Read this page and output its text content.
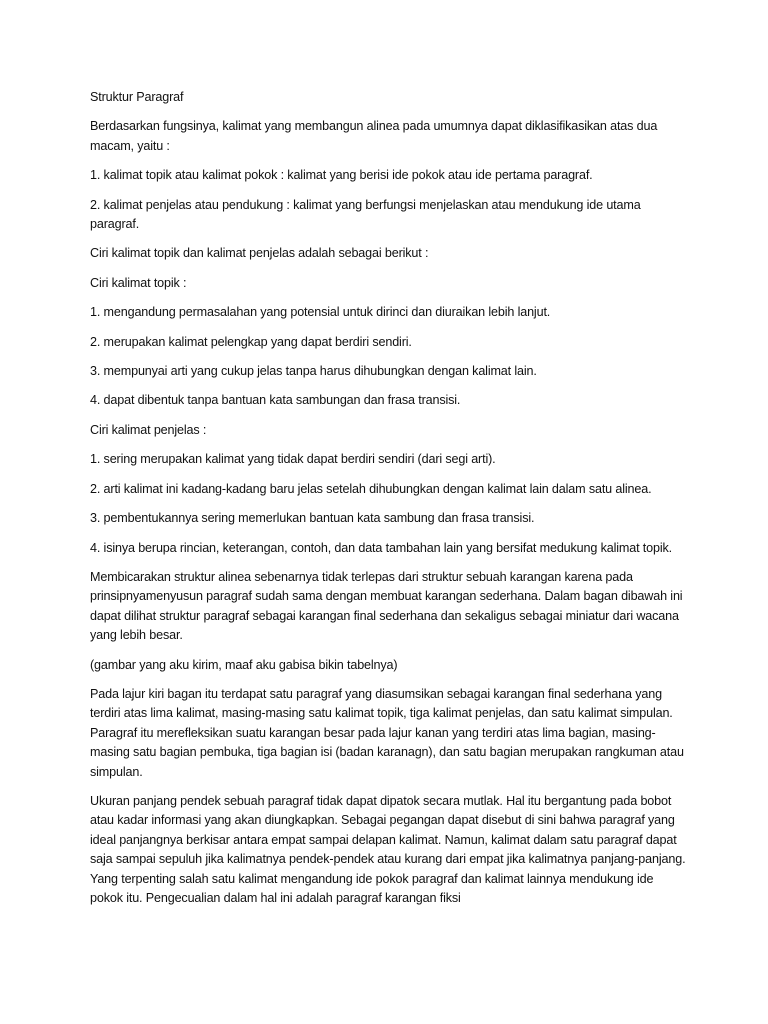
Struktur Paragraf

Berdasarkan fungsinya, kalimat yang membangun alinea pada umumnya dapat diklasifikasikan atas dua macam, yaitu :

1. kalimat topik atau kalimat pokok : kalimat yang berisi ide pokok atau ide pertama paragraf.

2. kalimat penjelas atau pendukung : kalimat yang berfungsi menjelaskan atau mendukung ide utama paragraf.

Ciri kalimat topik dan kalimat penjelas adalah sebagai berikut :

Ciri kalimat topik :

1. mengandung permasalahan yang potensial untuk dirinci dan diuraikan lebih lanjut.

2. merupakan kalimat pelengkap yang dapat berdiri sendiri.

3. mempunyai arti yang cukup jelas tanpa harus dihubungkan dengan kalimat lain.

4. dapat dibentuk tanpa bantuan kata sambungan dan frasa transisi.

Ciri kalimat penjelas :

1. sering merupakan kalimat yang tidak dapat berdiri sendiri (dari segi arti).

2. arti kalimat ini kadang-kadang baru jelas setelah dihubungkan dengan kalimat lain dalam satu alinea.

3. pembentukannya sering memerlukan bantuan kata sambung dan frasa transisi.

4. isinya berupa rincian, keterangan, contoh, dan data tambahan lain yang bersifat medukung kalimat topik.

Membicarakan struktur alinea sebenarnya tidak terlepas dari struktur sebuah karangan karena pada prinsipnyamenyusun paragraf sudah sama dengan membuat karangan sederhana. Dalam bagan dibawah ini dapat dilihat struktur paragraf sebagai karangan final sederhana dan sekaligus sebagai miniatur dari wacana yang lebih besar.

(gambar yang aku kirim, maaf aku gabisa bikin tabelnya)

Pada lajur kiri bagan itu terdapat satu paragraf yang diasumsikan sebagai karangan final sederhana yang terdiri atas lima kalimat, masing-masing satu kalimat topik, tiga kalimat penjelas, dan satu kalimat simpulan. Paragraf itu merefleksikan suatu karangan besar pada lajur kanan yang terdiri atas lima bagian, masing-masing satu bagian pembuka, tiga bagian isi (badan karanagn), dan satu bagian merupakan rangkuman atau simpulan.

Ukuran panjang pendek sebuah paragraf tidak dapat dipatok secara mutlak. Hal itu bergantung pada bobot atau kadar informasi yang akan diungkapkan. Sebagai pegangan dapat disebut di sini bahwa paragraf yang ideal panjangnya berkisar antara empat sampai delapan kalimat. Namun, kalimat dalam satu paragraf dapat saja sampai sepuluh jika kalimatnya pendek-pendek atau kurang dari empat jika kalimatnya panjang-panjang. Yang terpenting salah satu kalimat mengandung ide pokok paragraf dan kalimat lainnya mendukung ide pokok itu. Pengecualian dalam hal ini adalah paragraf karangan fiksi
